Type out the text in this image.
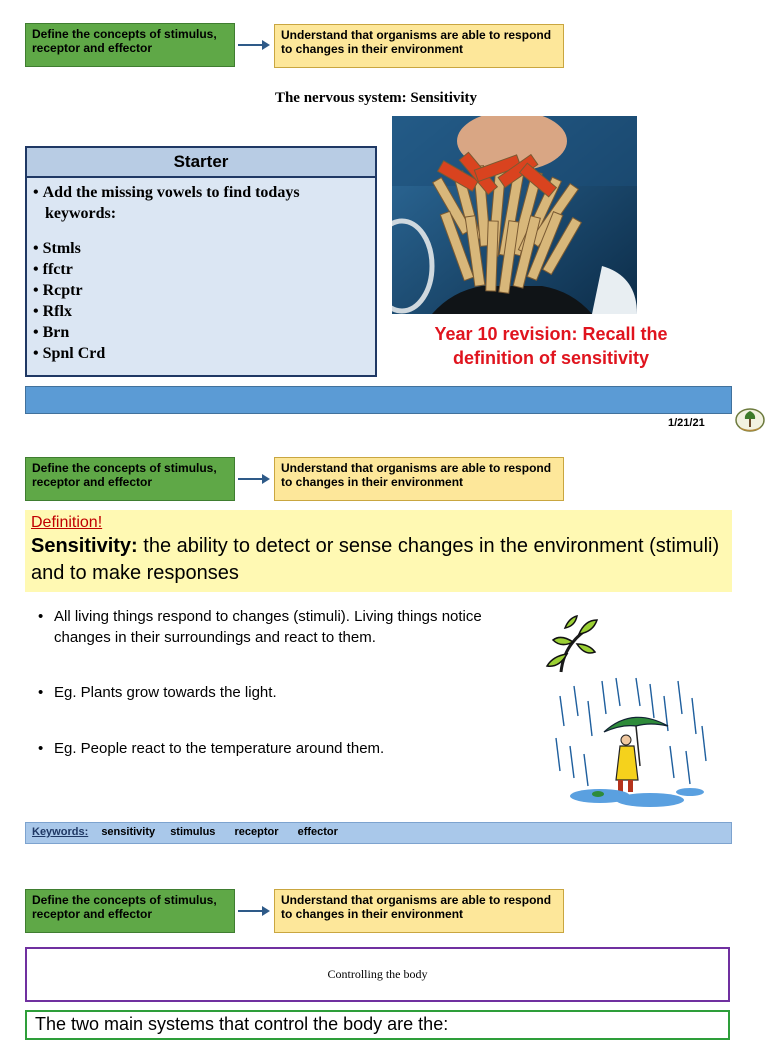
Define the concepts of stimulus, receptor and effector
Understand that organisms are able to respond to changes in their environment
The nervous system: Sensitivity
Starter
• Add the missing vowels to find todays keywords:
• Stmls
• ffctr
• Rcptr
• Rflx
• Brn
• Spnl Crd
Year 10 revision: Recall the
definition of sensitivity
1/21/21
Define the concepts of stimulus, receptor and effector
Understand that organisms are able to respond to changes in their environment
Definition!
Sensitivity: the ability to detect or sense changes in the environment (stimuli) and to make responses
• All living things respond to changes (stimuli). Living things notice changes in their surroundings and react to them.
• Eg. Plants grow towards the light.
• Eg. People react to the temperature around them.
Keywords: sensitivity stimulus receptor effector
Define the concepts of stimulus, receptor and effector
Understand that organisms are able to respond to changes in their environment
Controlling the body
The two main systems that control the body are the:
